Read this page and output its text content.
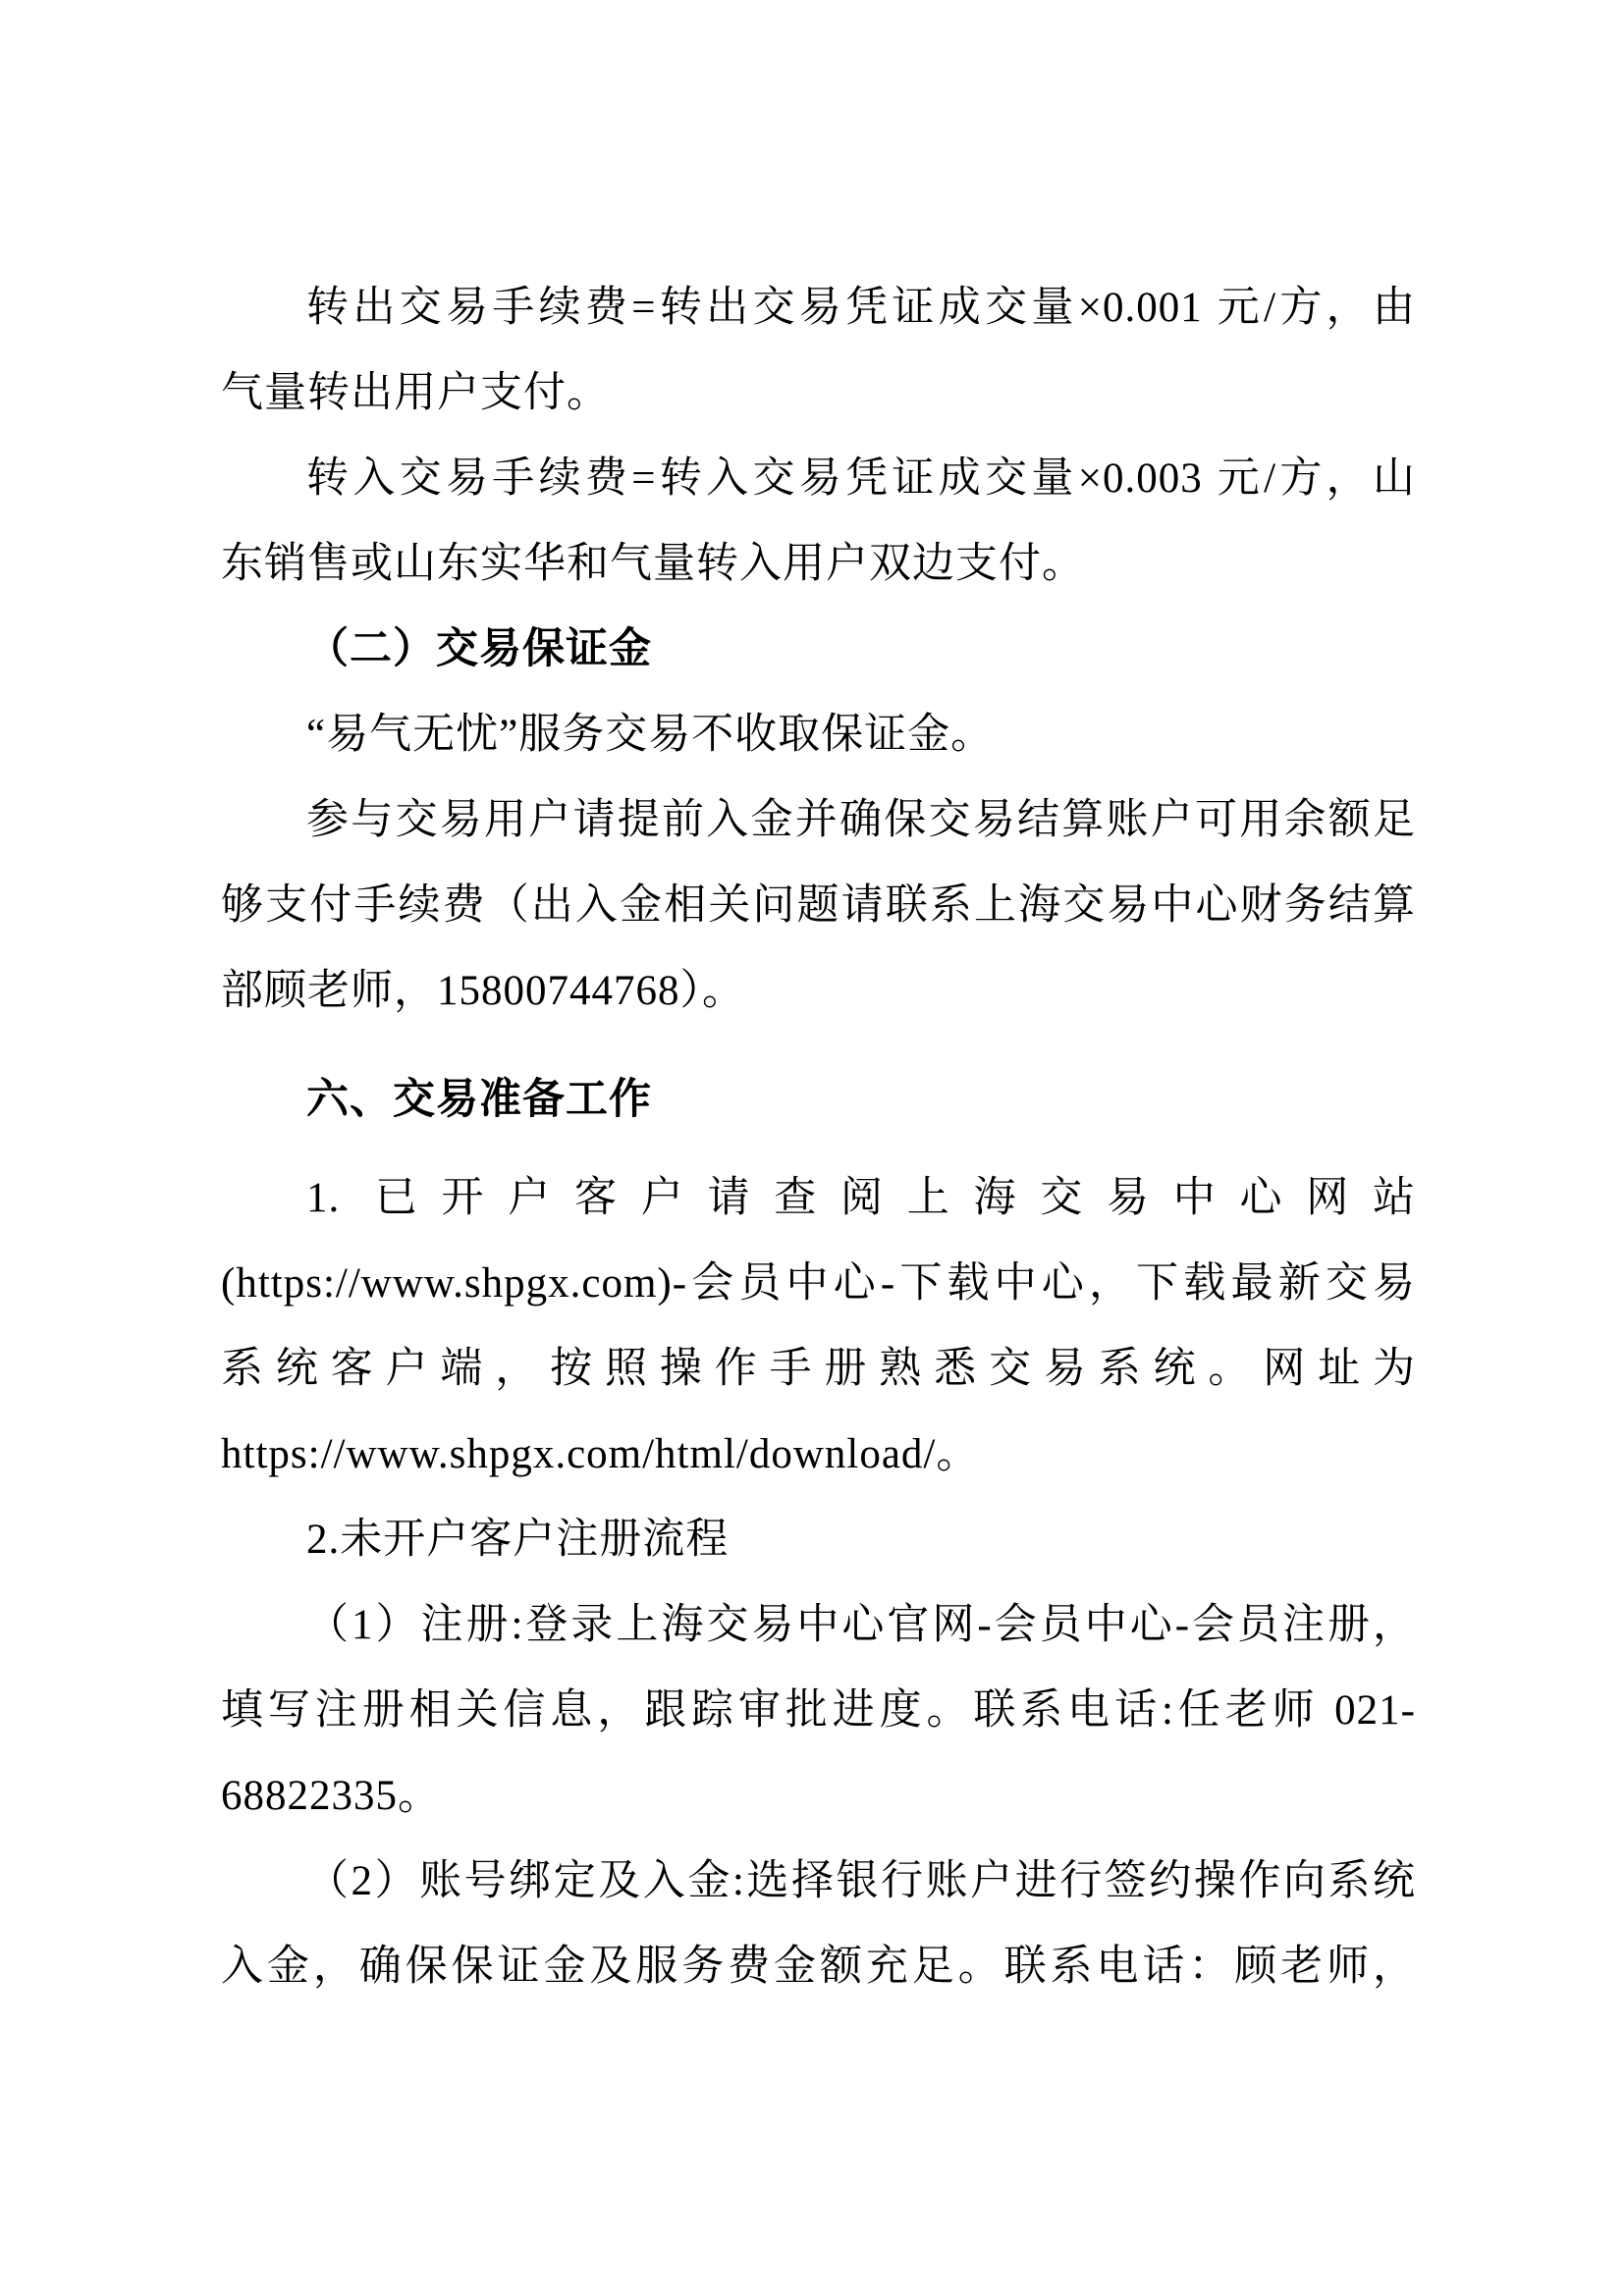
转出交易手续费=转出交易凭证成交量×0.001 元/方，由
气量转出用户支付。
转入交易手续费=转入交易凭证成交量×0.003 元/方，山
东销售或山东实华和气量转入用户双边支付。
（二）交易保证金
“易气无忧”服务交易不收取保证金。
参与交易用户请提前入金并确保交易结算账户可用余额足
够支付手续费（出入金相关问题请联系上海交易中心财务结算
部顾老师，15800744768）。
六、交易准备工作
1. 已开户客户请查阅上海交易中心网站
(https://www.shpgx.com)-会员中心-下载中心，下载最新交易
系统客户端，按照操作手册熟悉交易系统。网址为
https://www.shpgx.com/html/download/。
2.未开户客户注册流程
（1）注册:登录上海交易中心官网-会员中心-会员注册，
填写注册相关信息，跟踪审批进度。联系电话:任老师 021-
68822335。
（2）账号绑定及入金:选择银行账户进行签约操作向系统
入金，确保保证金及服务费金额充足。联系电话：顾老师，
